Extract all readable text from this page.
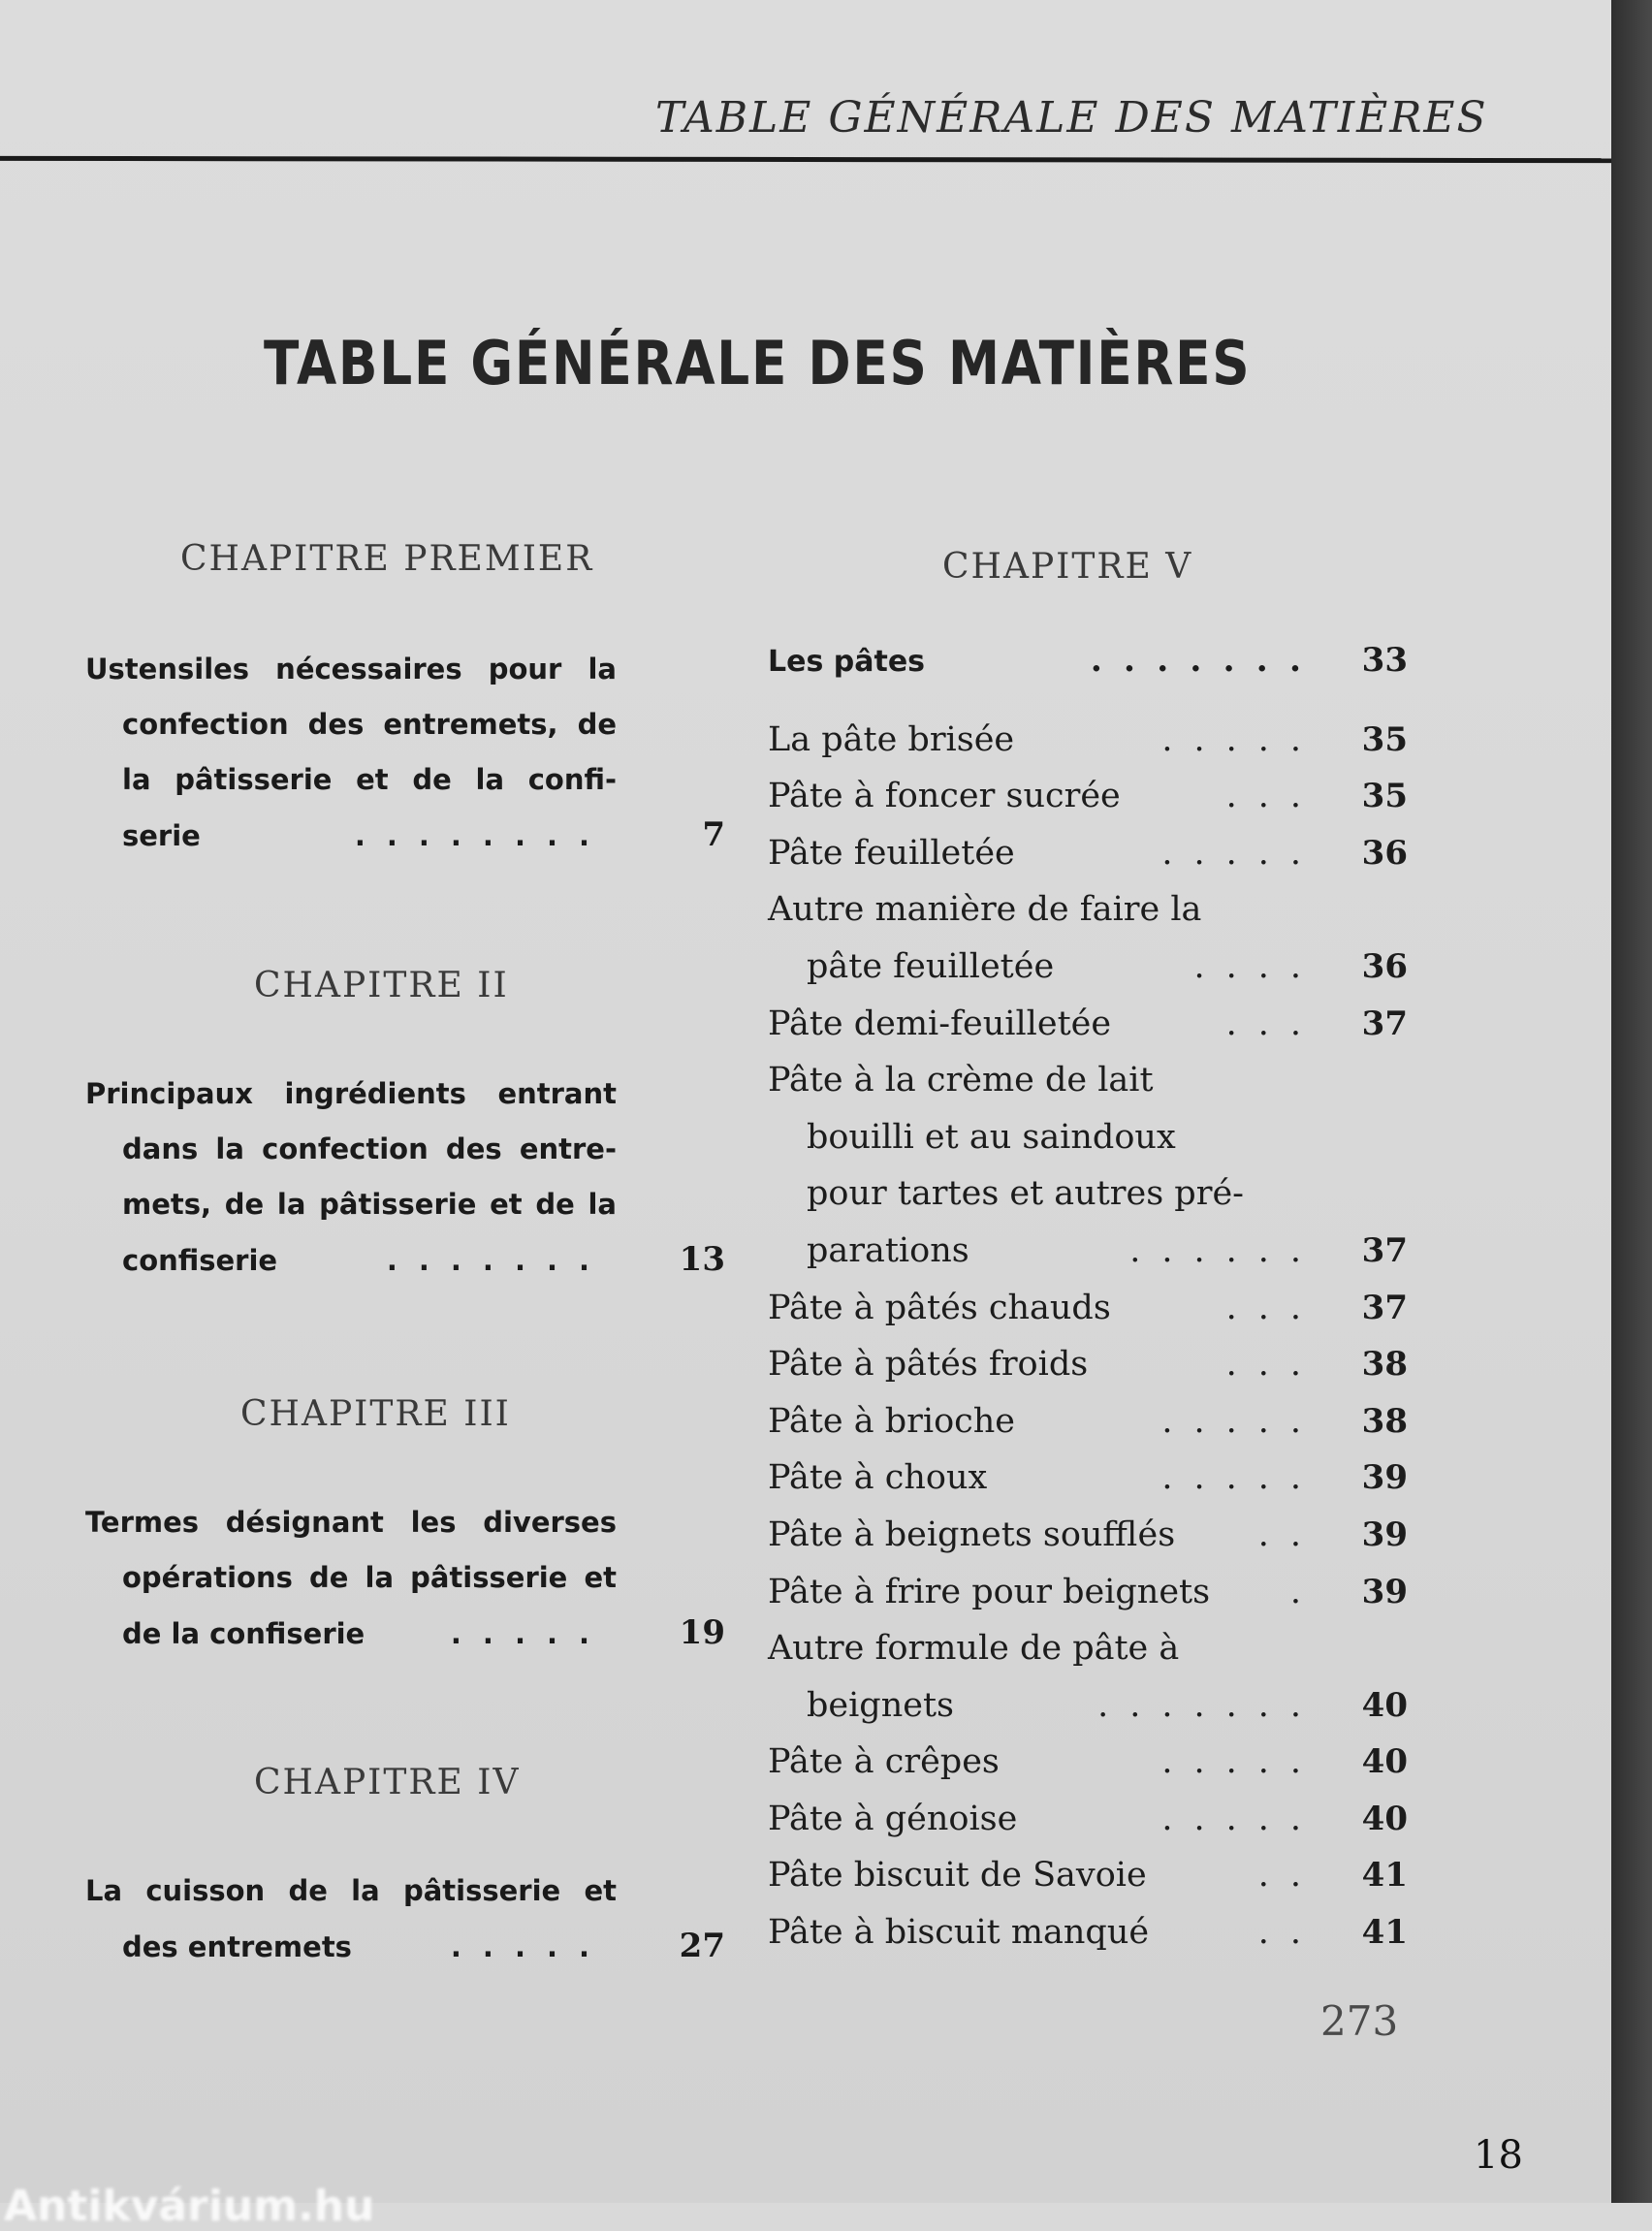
TABLE GÉNÉRALE DES MATIÈRES
TABLE GÉNÉRALE DES MATIÈRES
CHAPITRE PREMIER
Ustensiles nécessaires pour la
confection des entremets, de
la pâtisserie et de la confi-
serie	........	7
CHAPITRE II
Principaux ingrédients entrant
dans la confection des entre-
mets, de la pâtisserie et de la
confiserie	.......	13
CHAPITRE III
Termes désignant les diverses
opérations de la pâtisserie et
de la confiserie	.....	19
CHAPITRE IV
La cuisson de la pâtisserie et
des entremets	.....	27
CHAPITRE V
Les pâtes	.......	33
La pâte brisée	.....	35
Pâte à foncer sucrée	...	35
Pâte feuilletée	.....	36
Autre manière de faire la
pâte feuilletée	....	36
Pâte demi-feuilletée	...	37
Pâte à la crème de lait
bouilli et au saindoux
pour tartes et autres pré-
parations	......	37
Pâte à pâtés chauds	...	37
Pâte à pâtés froids	...	38
Pâte à brioche	.....	38
Pâte à choux	.....	39
Pâte à beignets soufflés	..	39
Pâte à frire pour beignets	.	39
Autre formule de pâte à
beignets	.......	40
Pâte à crêpes	.....	40
Pâte à génoise	.....	40
Pâte biscuit de Savoie	..	41
Pâte à biscuit manqué	..	41
273
18
Antikvárium.hu
